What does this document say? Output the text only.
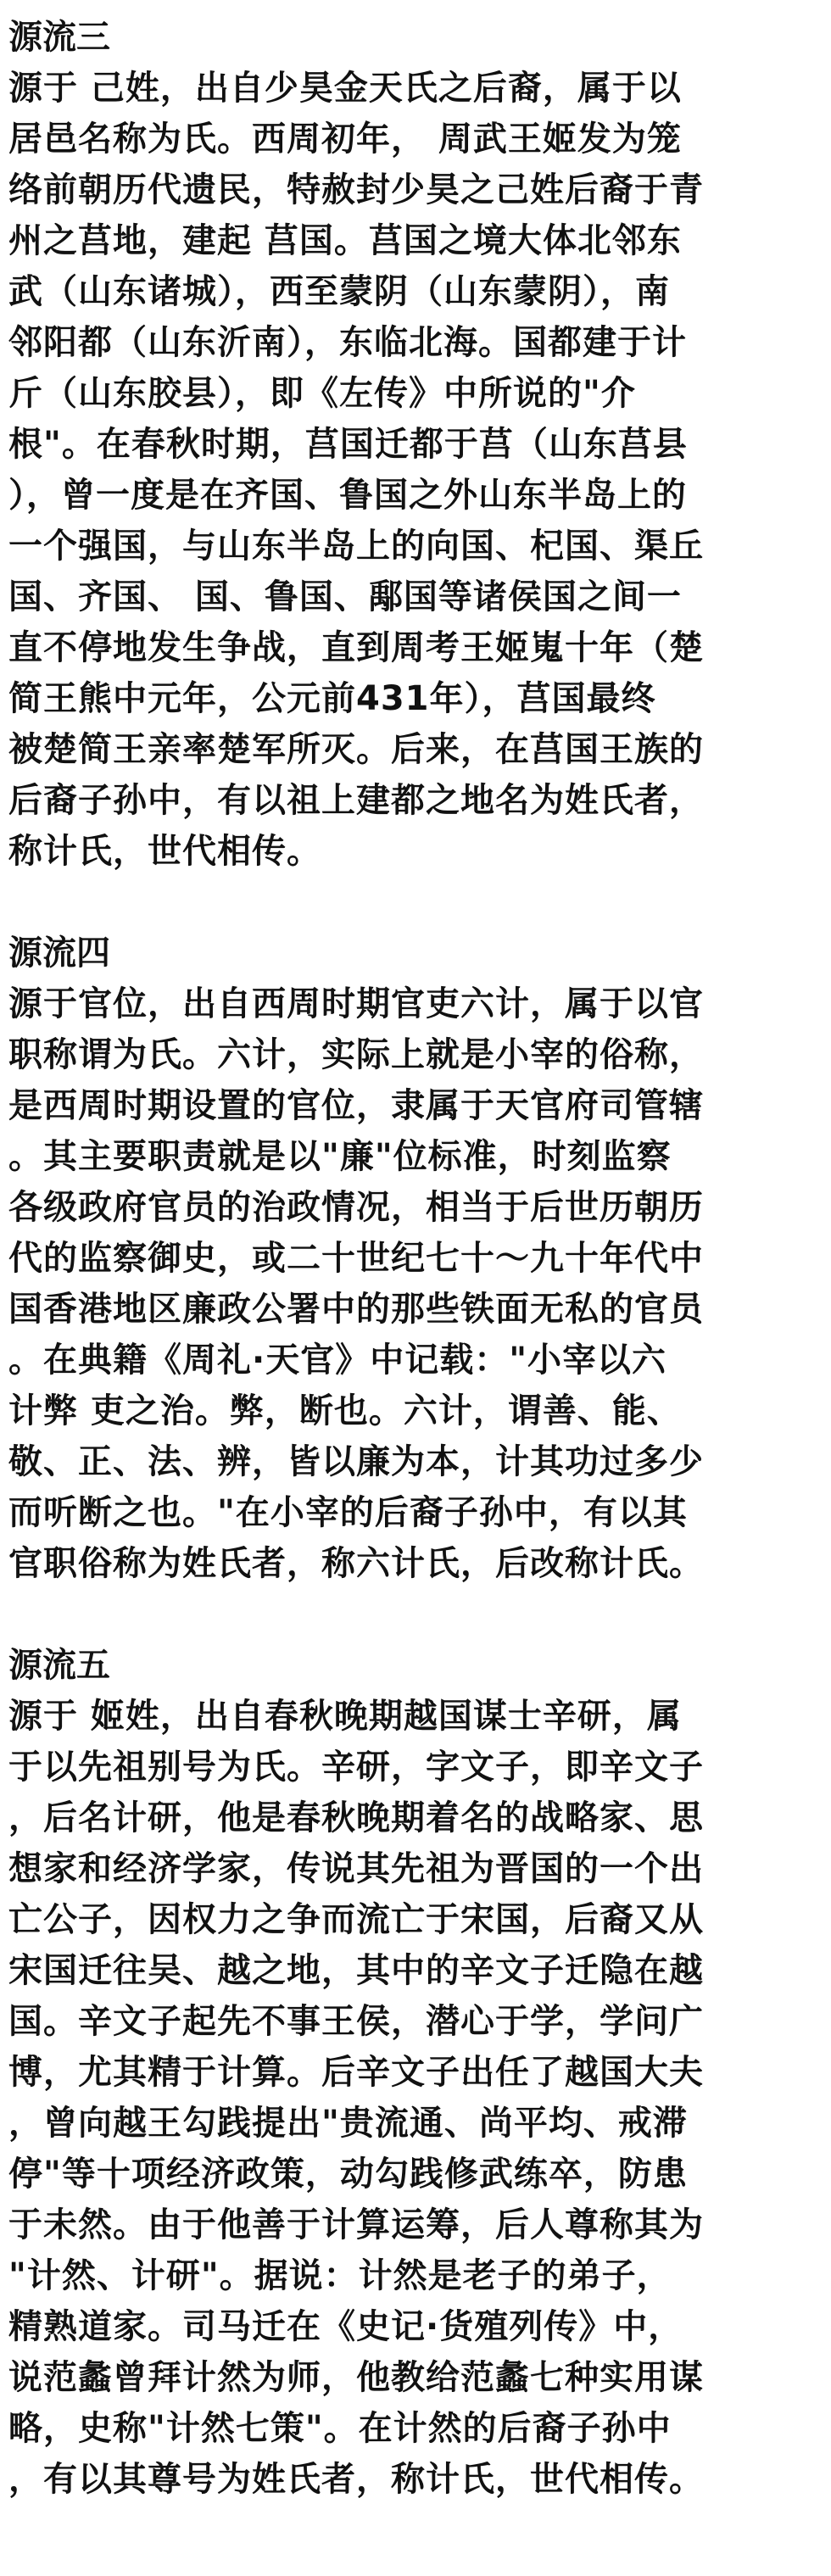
源流三
源于 己姓，出自少昊金天氏之后裔，属于以
居邑名称为氏。西周初年， 周武王姬发为笼
络前朝历代遗民，特赦封少昊之己姓后裔于青
州之莒地，建起 莒国。莒国之境大体北邻东
武（山东诸城），西至蒙阴（山东蒙阴），南
邻阳都（山东沂南），东临北海。国都建于计
斤（山东胶县），即《左传》中所说的"介
根"。在春秋时期，莒国迁都于莒（山东莒县
），曾一度是在齐国、鲁国之外山东半岛上的
一个强国，与山东半岛上的向国、杞国、渠丘
国、齐国、 国、鲁国、鄅国等诸侯国之间一
直不停地发生争战，直到周考王姬嵬十年（楚
简王熊中元年，公元前431年），莒国最终
被楚简王亲率楚军所灭。后来，在莒国王族的
后裔子孙中，有以祖上建都之地名为姓氏者，
称计氏，世代相传。
源流四
源于官位，出自西周时期官吏六计，属于以官
职称谓为氏。六计，实际上就是小宰的俗称，
是西周时期设置的官位，隶属于天官府司管辖
。其主要职责就是以"廉"位标准，时刻监察
各级政府官员的治政情况，相当于后世历朝历
代的监察御史，或二十世纪七十～九十年代中
国香港地区廉政公署中的那些铁面无私的官员
。在典籍《周礼·天官》中记载："小宰以六
计弊 吏之治。弊，断也。六计，谓善、能、
敬、正、法、辨，皆以廉为本，计其功过多少
而听断之也。"在小宰的后裔子孙中，有以其
官职俗称为姓氏者，称六计氏，后改称计氏。
源流五
源于 姬姓，出自春秋晚期越国谋士辛研，属
于以先祖别号为氏。辛研，字文子，即辛文子
，后名计研，他是春秋晚期着名的战略家、思
想家和经济学家，传说其先祖为晋国的一个出
亡公子，因权力之争而流亡于宋国，后裔又从
宋国迁往吴、越之地，其中的辛文子迁隐在越
国。辛文子起先不事王侯，潜心于学，学问广
博，尤其精于计算。后辛文子出任了越国大夫
，曾向越王勾践提出"贵流通、尚平均、戒滞
停"等十项经济政策，动勾践修武练卒，防患
于未然。由于他善于计算运筹，后人尊称其为
"计然、计研"。据说：计然是老子的弟子，
精熟道家。司马迁在《史记·货殖列传》中，
说范蠡曾拜计然为师，他教给范蠡七种实用谋
略，史称"计然七策"。在计然的后裔子孙中
，有以其尊号为姓氏者，称计氏，世代相传。
